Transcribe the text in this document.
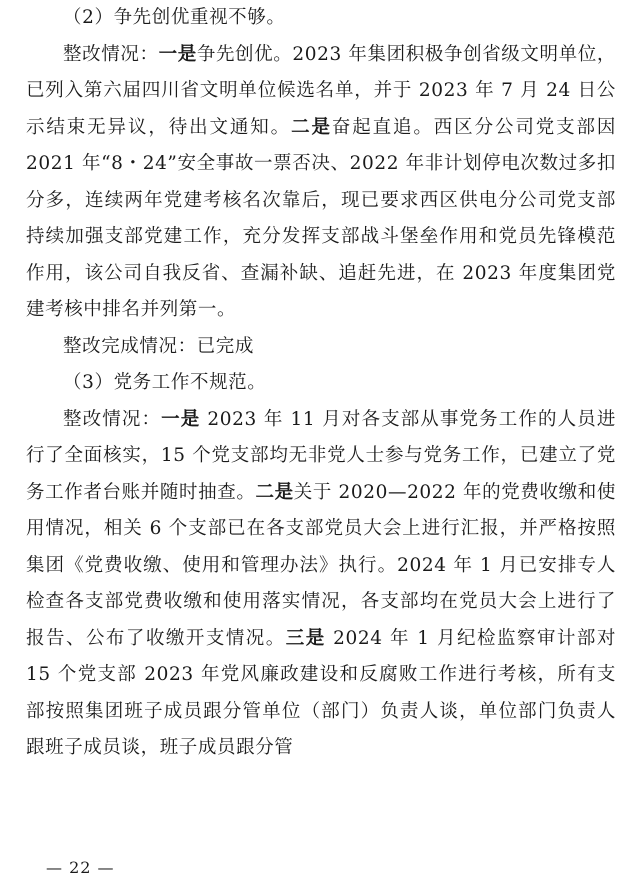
（2）争先创优重视不够。

整改情况：一是争先创优。2023 年集团积极争创省级文明单位，已列入第六届四川省文明单位候选名单，并于 2023 年 7 月 24 日公示结束无异议，待出文通知。二是奋起直追。西区分公司党支部因 2021 年“8・24”安全事故一票否决、2022 年非计划停电次数过多扣分多，连续两年党建考核名次靠后，现已要求西区供电分公司党支部持续加强支部党建工作，充分发挥支部战斗堡垒作用和党员先锋模范作用，该公司自我反省、查漏补缺、追赶先进，在 2023 年度集团党建考核中排名并列第一。

整改完成情况：已完成

（3）党务工作不规范。

整改情况：一是 2023 年 11 月对各支部从事党务工作的人员进行了全面核实，15 个党支部均无非党人士参与党务工作，已建立了党务工作者台账并随时抽查。二是关于 2020—2022 年的党费收缴和使用情况，相关 6 个支部已在各支部党员大会上进行汇报，并严格按照集团《党费收缴、使用和管理办法》执行。2024 年 1 月已安排专人检查各支部党费收缴和使用落实情况，各支部均在党员大会上进行了报告、公布了收缴开支情况。三是 2024 年 1 月纪检监察审计部对 15 个党支部 2023 年党风廉政建设和反腐败工作进行考核，所有支部按照集团班子成员跟分管单位（部门）负责人谈，单位部门负责人跟班子成员谈，班子成员跟分管

— 22 —
